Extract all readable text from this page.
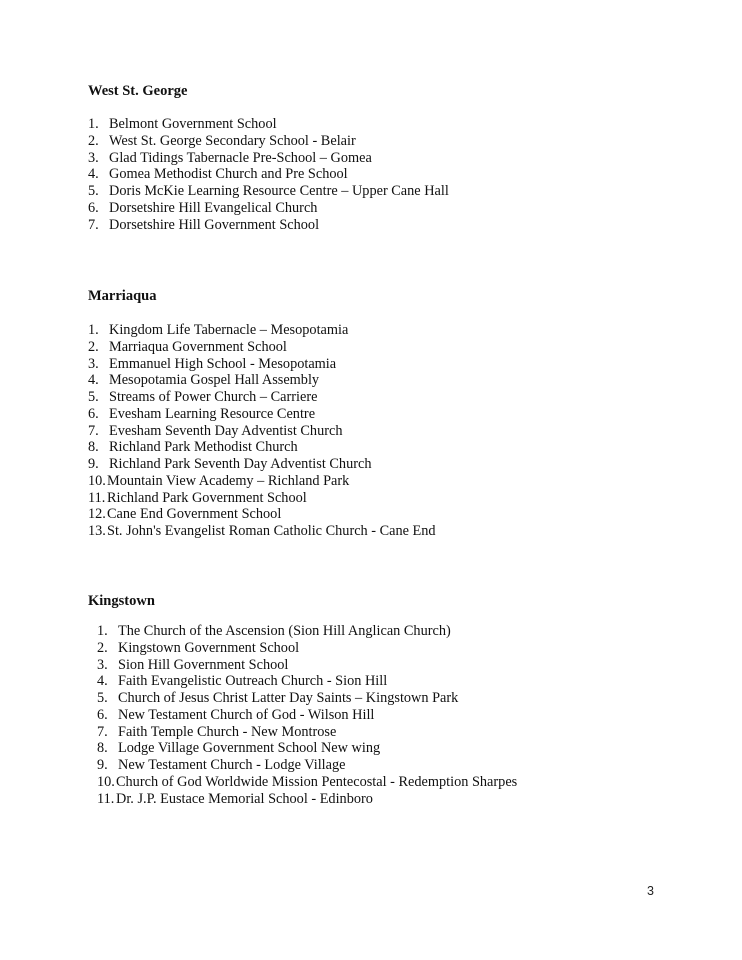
West St. George
1. Belmont Government School
2. West St. George Secondary School - Belair
3. Glad Tidings Tabernacle Pre-School – Gomea
4. Gomea Methodist Church and Pre School
5. Doris McKie Learning Resource Centre – Upper Cane Hall
6. Dorsetshire Hill Evangelical Church
7. Dorsetshire Hill Government School
Marriaqua
1. Kingdom Life Tabernacle – Mesopotamia
2. Marriaqua Government School
3. Emmanuel High School - Mesopotamia
4. Mesopotamia Gospel Hall Assembly
5. Streams of Power Church – Carriere
6. Evesham Learning Resource Centre
7. Evesham Seventh Day Adventist Church
8. Richland Park Methodist Church
9. Richland Park Seventh Day Adventist Church
10. Mountain View Academy – Richland Park
11. Richland Park Government School
12. Cane End Government School
13. St. John's Evangelist Roman Catholic Church - Cane End
Kingstown
1. The Church of the Ascension (Sion Hill Anglican Church)
2. Kingstown Government School
3. Sion Hill Government School
4. Faith Evangelistic Outreach Church - Sion Hill
5. Church of Jesus Christ Latter Day Saints – Kingstown Park
6. New Testament Church of God - Wilson Hill
7. Faith Temple Church - New Montrose
8. Lodge Village Government School New wing
9. New Testament Church - Lodge Village
10. Church of God Worldwide Mission Pentecostal - Redemption Sharpes
11. Dr. J.P. Eustace Memorial School - Edinboro
3
